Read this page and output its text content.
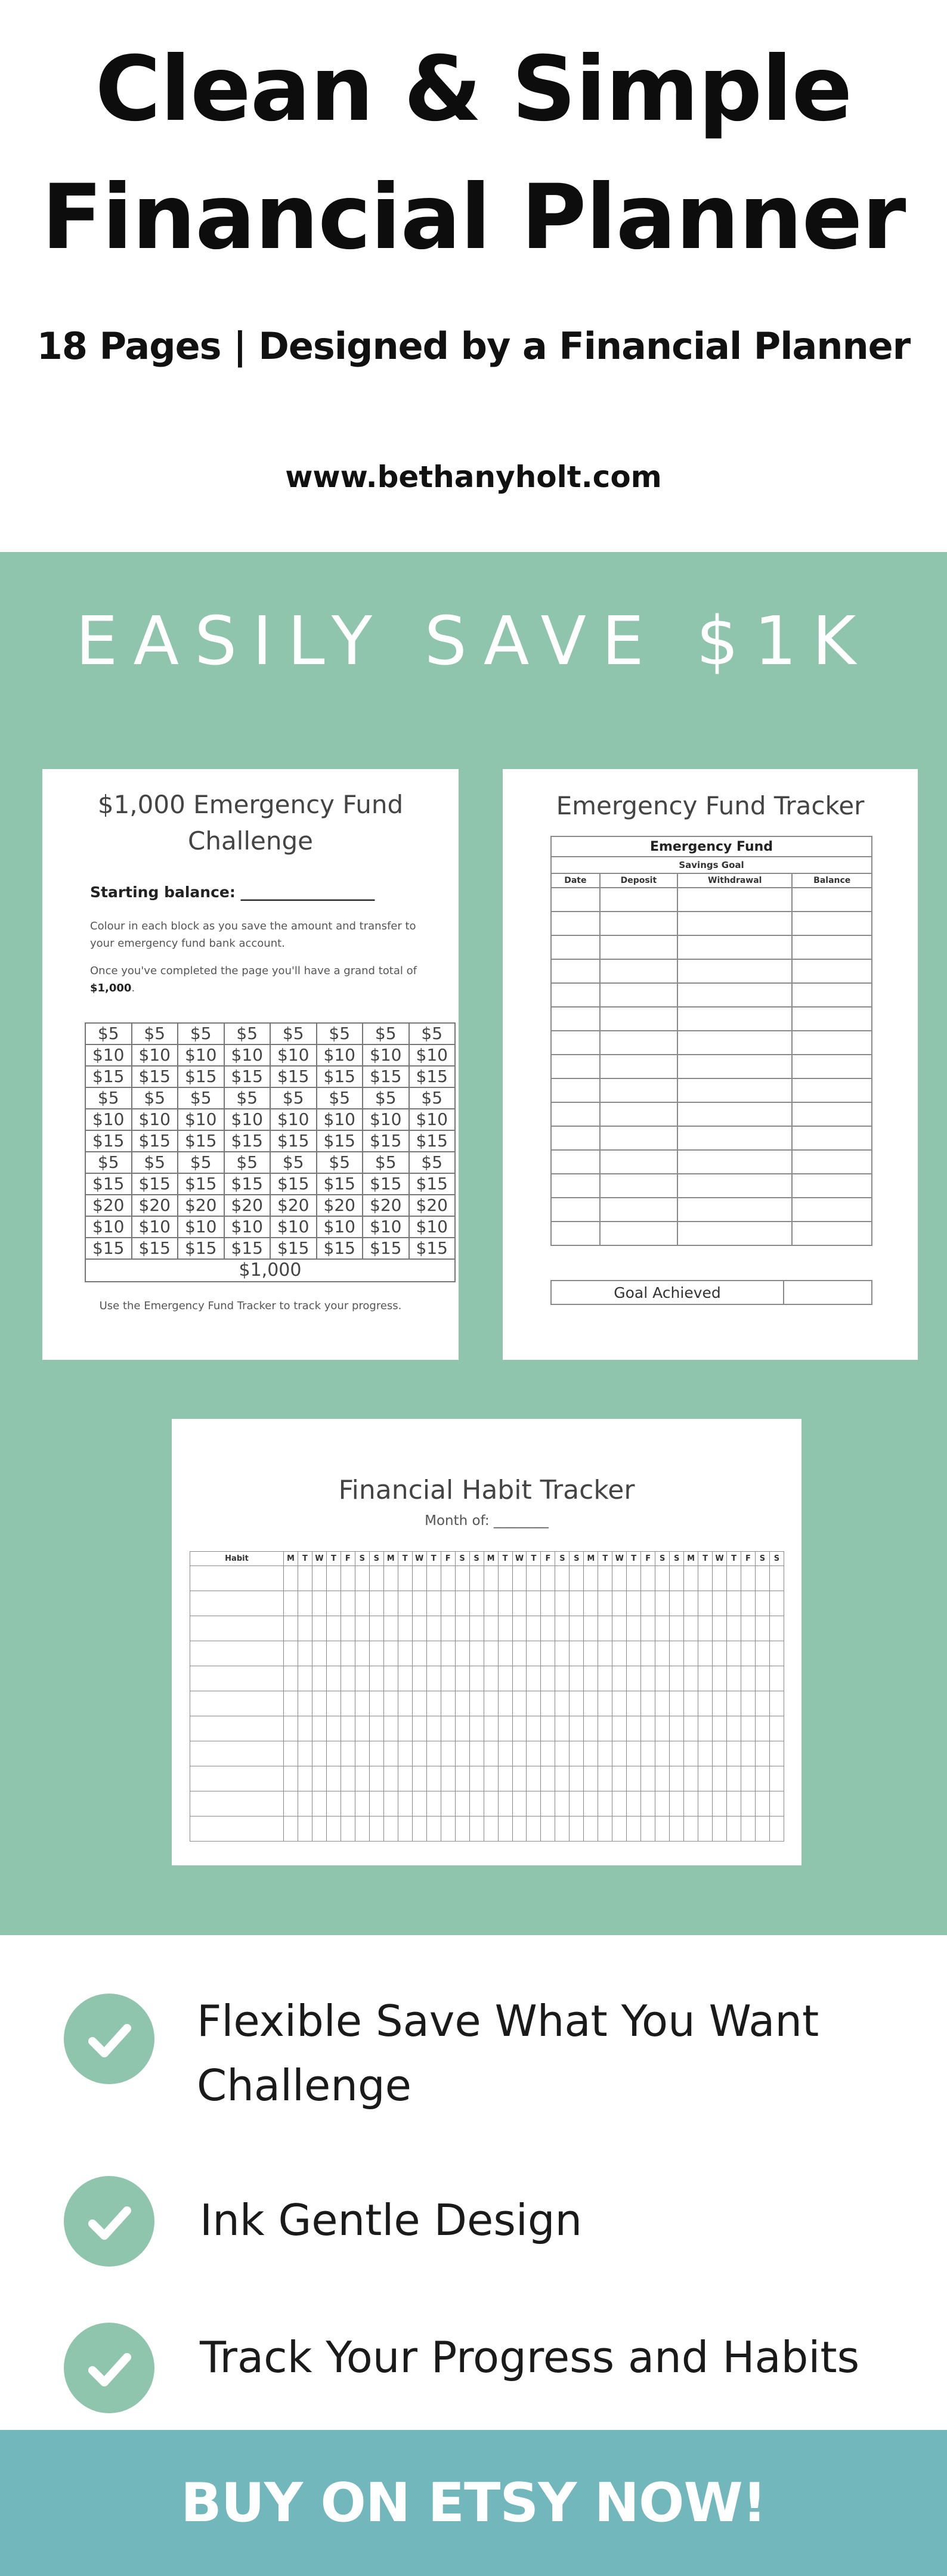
Clean & Simple
Financial Planner
18 Pages | Designed by a Financial Planner
www.bethanyholt.com
EASILY SAVE $1K
$1,000 Emergency Fund Challenge
Starting balance: __________________
Colour in each block as you save the amount and transfer to your emergency fund bank account.
Once you've completed the page you'll have a grand total of $1,000.
$5	$5	$5	$5	$5	$5	$5	$5
$10	$10	$10	$10	$10	$10	$10	$10
$15	$15	$15	$15	$15	$15	$15	$15
$5	$5	$5	$5	$5	$5	$5	$5
$10	$10	$10	$10	$10	$10	$10	$10
$15	$15	$15	$15	$15	$15	$15	$15
$5	$5	$5	$5	$5	$5	$5	$5
$15	$15	$15	$15	$15	$15	$15	$15
$20	$20	$20	$20	$20	$20	$20	$20
$10	$10	$10	$10	$10	$10	$10	$10
$15	$15	$15	$15	$15	$15	$15	$15
$1,000							
Use the Emergency Fund Tracker to track your progress.
Emergency Fund Tracker
Emergency Fund			
Savings Goal			
Date	Deposit	Withdrawal	Balance

Goal Achieved	
Financial Habit Tracker
Month of: ________
Habit	M	T	W	T	F	S	S	M	T	W	T	F	S	S	M	T	W	T	F	S	S	M	T	W	T	F	S	S	M	T	W	T	F	S	S

Flexible Save What You Want Challenge
Ink Gentle Design
Track Your Progress and Habits
BUY ON ETSY NOW!
